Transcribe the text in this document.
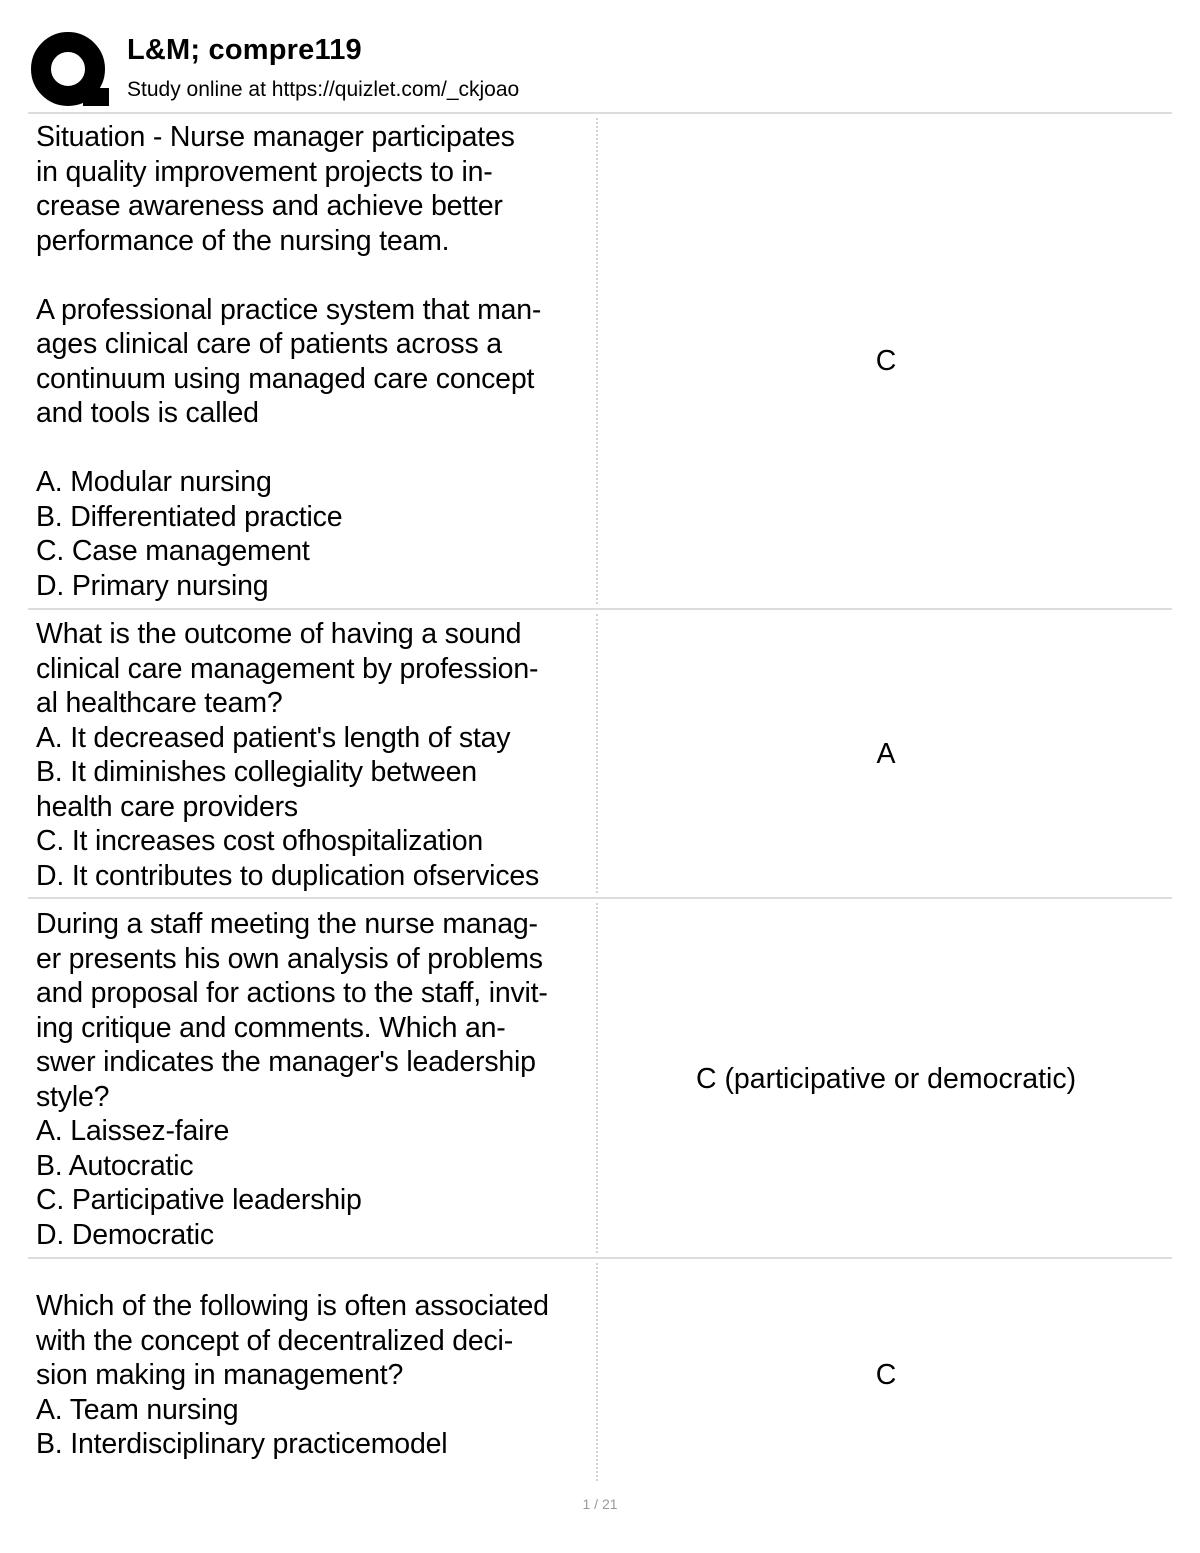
L&M; compre119
Study online at https://quizlet.com/_ckjoao
Situation - Nurse manager participates
in quality improvement projects to in-
crease awareness and achieve better
performance of the nursing team.

A professional practice system that man-
ages clinical care of patients across a
continuum using managed care concept
and tools is called

A. Modular nursing
B. Differentiated practice
C. Case management
D. Primary nursing
C
What is the outcome of having a sound
clinical care management by profession-
al healthcare team?
A. It decreased patient's length of stay
B. It diminishes collegiality between
health care providers
C. It increases cost ofhospitalization
D. It contributes to duplication ofservices
A
During a staff meeting the nurse manag-
er presents his own analysis of problems
and proposal for actions to the staff, invit-
ing critique and comments. Which an-
swer indicates the manager's leadership
style?
A. Laissez-faire
B. Autocratic
C. Participative leadership
D. Democratic
C (participative or democratic)
Which of the following is often associated
with the concept of decentralized deci-
sion making in management?
A. Team nursing
B. Interdisciplinary practicemodel
C
1 / 21
